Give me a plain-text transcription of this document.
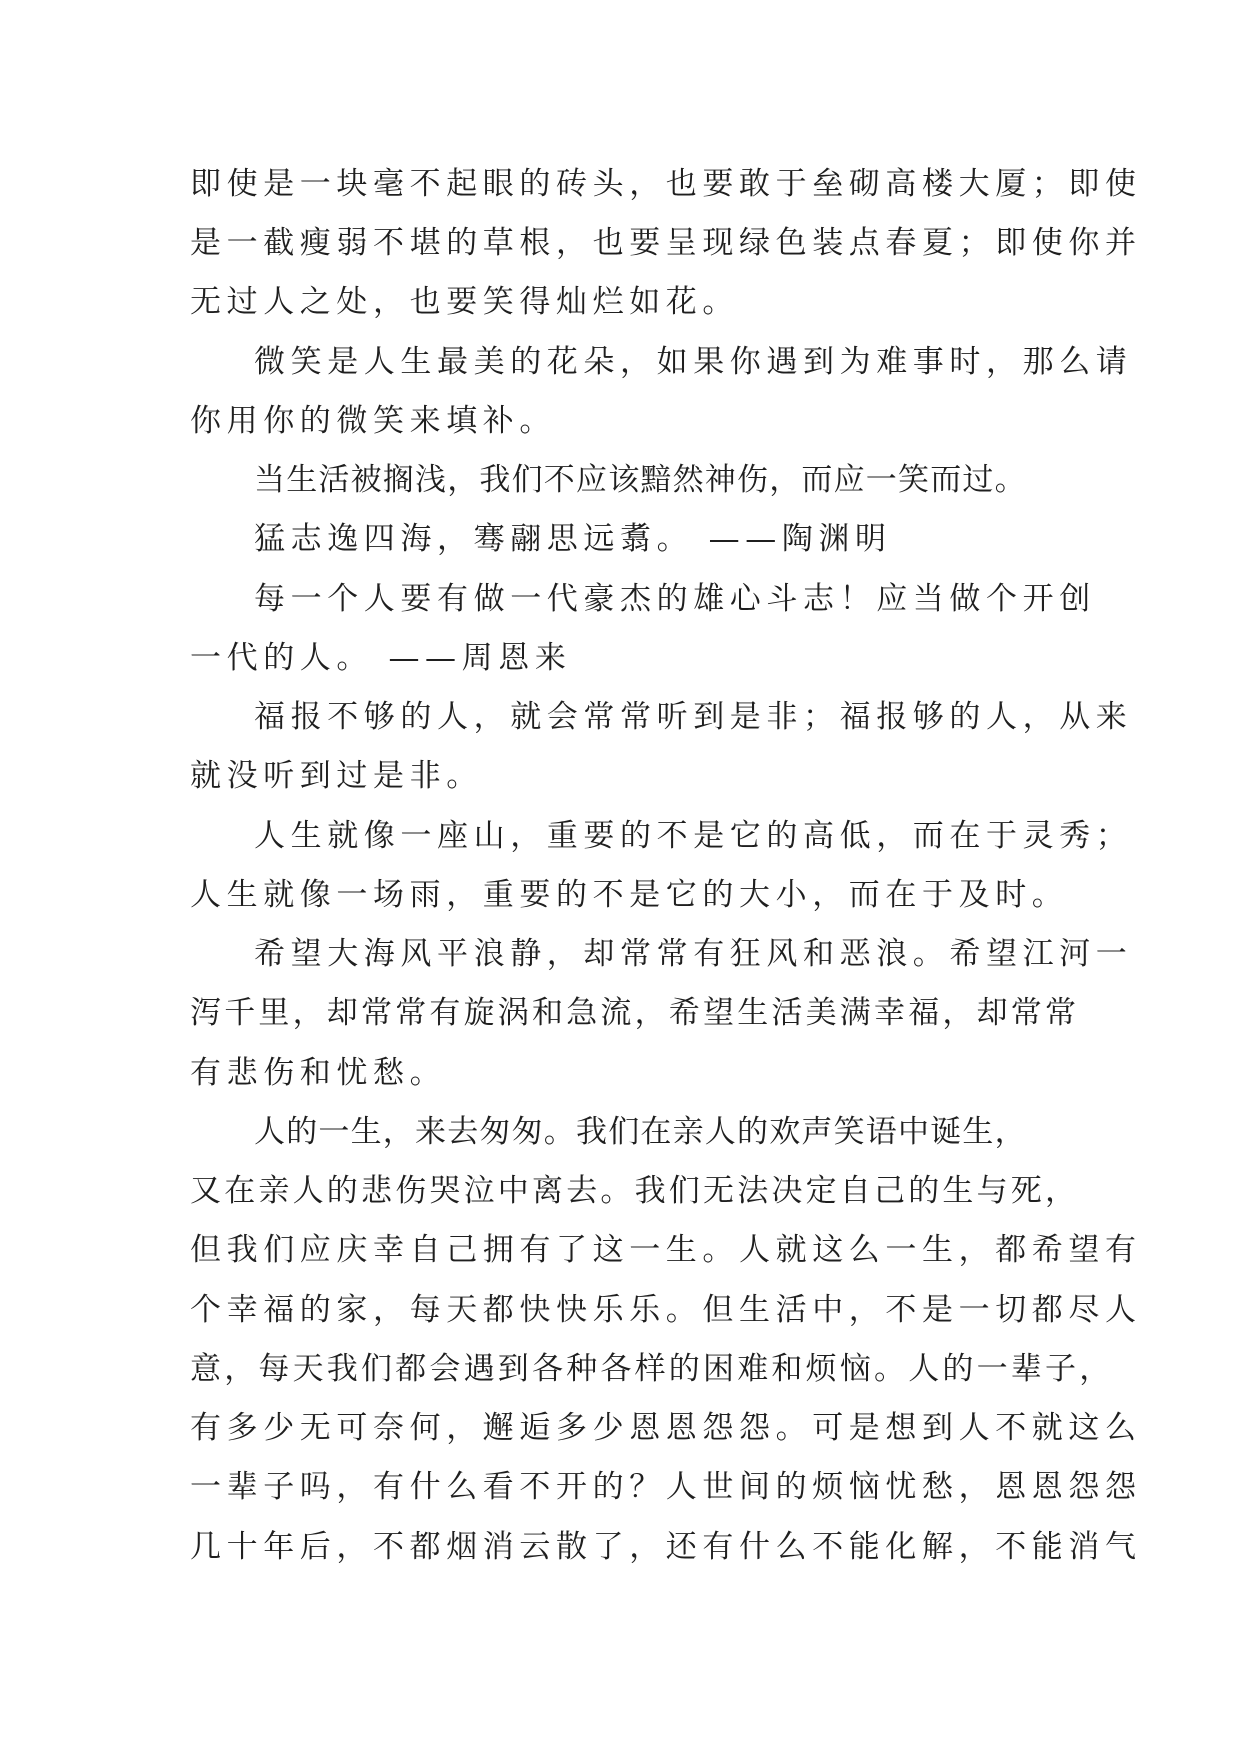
即使是一块毫不起眼的砖头，也要敢于垒砌高楼大厦；即使
是一截瘦弱不堪的草根，也要呈现绿色装点春夏；即使你并
无过人之处，也要笑得灿烂如花。
微笑是人生最美的花朵，如果你遇到为难事时，那么请
你用你的微笑来填补。
当生活被搁浅，我们不应该黯然神伤，而应一笑而过。
猛志逸四海，骞翮思远翥。 ——陶渊明
每一个人要有做一代豪杰的雄心斗志！应当做个开创
一代的人。 ——周恩来
福报不够的人，就会常常听到是非；福报够的人，从来
就没听到过是非。
人生就像一座山，重要的不是它的高低，而在于灵秀；
人生就像一场雨，重要的不是它的大小，而在于及时。
希望大海风平浪静，却常常有狂风和恶浪。希望江河一
泻千里，却常常有旋涡和急流，希望生活美满幸福，却常常
有悲伤和忧愁。
人的一生，来去匆匆。我们在亲人的欢声笑语中诞生，
又在亲人的悲伤哭泣中离去。我们无法决定自己的生与死，
但我们应庆幸自己拥有了这一生。人就这么一生，都希望有
个幸福的家，每天都快快乐乐。但生活中，不是一切都尽人
意，每天我们都会遇到各种各样的困难和烦恼。人的一辈子，
有多少无可奈何，邂逅多少恩恩怨怨。可是想到人不就这么
一辈子吗，有什么看不开的？人世间的烦恼忧愁，恩恩怨怨
几十年后，不都烟消云散了，还有什么不能化解，不能消气
